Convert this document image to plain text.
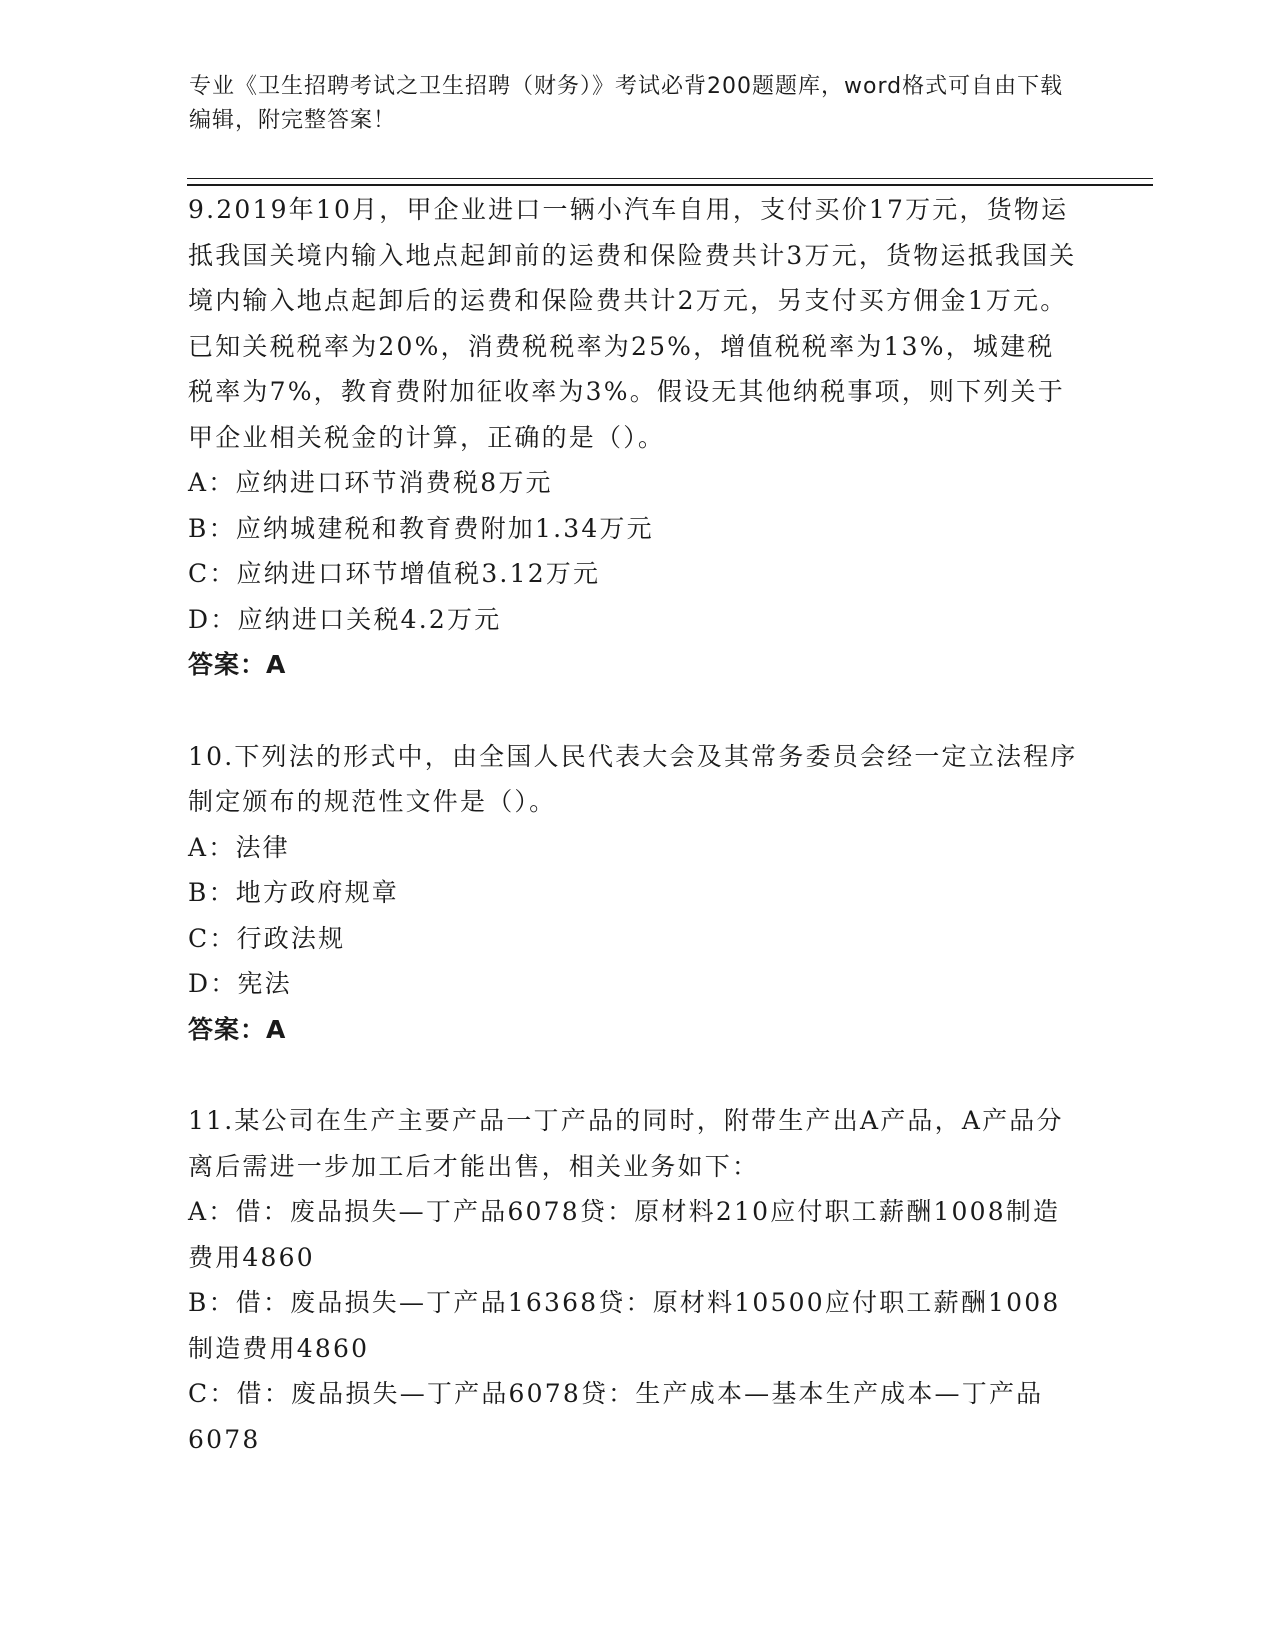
专业《卫生招聘考试之卫生招聘（财务）》考试必背200题题库，word格式可自由下载编辑，附完整答案！

9.2019年10月，甲企业进口一辆小汽车自用，支付买价17万元，货物运抵我国关境内输入地点起卸前的运费和保险费共计3万元，货物运抵我国关境内输入地点起卸后的运费和保险费共计2万元，另支付买方佣金1万元。已知关税税率为20%，消费税税率为25%，增值税税率为13%，城建税税率为7%，教育费附加征收率为3%。假设无其他纳税事项，则下列关于甲企业相关税金的计算，正确的是（）。

A：应纳进口环节消费税8万元

B：应纳城建税和教育费附加1.34万元

C：应纳进口环节增值税3.12万元

D：应纳进口关税4.2万元

答案：A

10.下列法的形式中，由全国人民代表大会及其常务委员会经一定立法程序制定颁布的规范性文件是（）。

A：法律

B：地方政府规章

C：行政法规

D：宪法

答案：A

11.某公司在生产主要产品一丁产品的同时，附带生产出A产品，A产品分离后需进一步加工后才能出售，相关业务如下：

A：借：废品损失—丁产品6078贷：原材料210应付职工薪酬1008制造费用4860

B：借：废品损失—丁产品16368贷：原材料10500应付职工薪酬1008制造费用4860

C：借：废品损失—丁产品6078贷：生产成本—基本生产成本—丁产品6078
